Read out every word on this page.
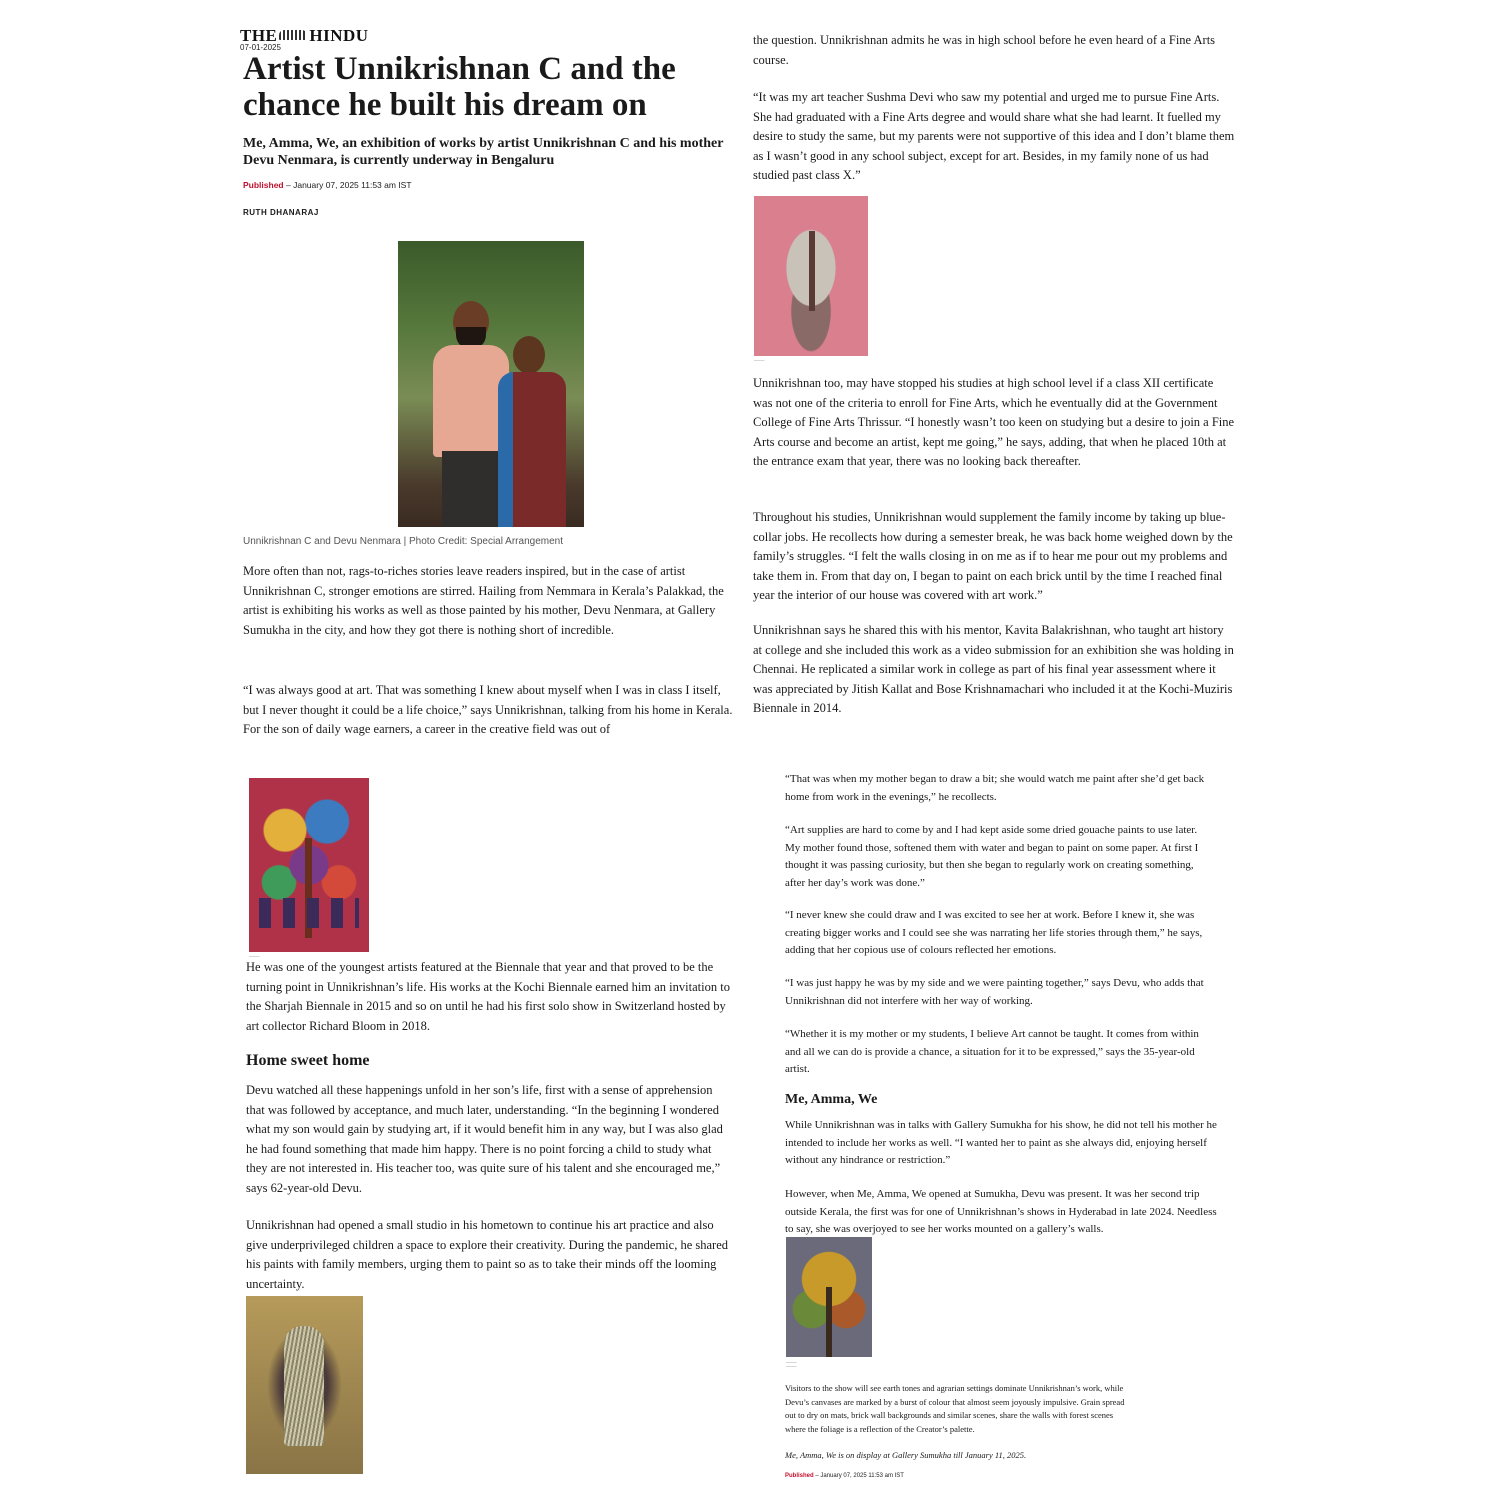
THE HINDU
07-01-2025
Artist Unnikrishnan C and the chance he built his dream on
Me, Amma, We, an exhibition of works by artist Unnikrishnan C and his mother Devu Nenmara, is currently underway in Bengaluru
Published – January 07, 2025 11:53 am IST
RUTH DHANARAJ
Unnikrishnan C and Devu Nenmara | Photo Credit: Special Arrangement
More often than not, rags-to-riches stories leave readers inspired, but in the case of artist Unnikrishnan C, stronger emotions are stirred. Hailing from Nemmara in Kerala’s Palakkad, the artist is exhibiting his works as well as those painted by his mother, Devu Nenmara, at Gallery Sumukha in the city, and how they got there is nothing short of incredible.
“I was always good at art. That was something I knew about myself when I was in class I itself, but I never thought it could be a life choice,” says Unnikrishnan, talking from his home in Kerala. For the son of daily wage earners, a career in the creative field was out of
the question. Unnikrishnan admits he was in high school before he even heard of a Fine Arts course.
“It was my art teacher Sushma Devi who saw my potential and urged me to pursue Fine Arts. She had graduated with a Fine Arts degree and would share what she had learnt. It fuelled my desire to study the same, but my parents were not supportive of this idea and I don’t blame them as I wasn’t good in any school subject, except for art. Besides, in my family none of us had studied past class X.”
———
Unnikrishnan too, may have stopped his studies at high school level if a class XII certificate was not one of the criteria to enroll for Fine Arts, which he eventually did at the Government College of Fine Arts Thrissur. “I honestly wasn’t too keen on studying but a desire to join a Fine Arts course and become an artist, kept me going,” he says, adding, that when he placed 10th at the entrance exam that year, there was no looking back thereafter.
Throughout his studies, Unnikrishnan would supplement the family income by taking up blue-collar jobs. He recollects how during a semester break, he was back home weighed down by the family’s struggles. “I felt the walls closing in on me as if to hear me pour out my problems and take them in. From that day on, I began to paint on each brick until by the time I reached final year the interior of our house was covered with art work.”
Unnikrishnan says he shared this with his mentor, Kavita Balakrishnan, who taught art history at college and she included this work as a video submission for an exhibition she was holding in Chennai. He replicated a similar work in college as part of his final year assessment where it was appreciated by Jitish Kallat and Bose Krishnamachari who included it at the Kochi-Muziris Biennale in 2014.
———
He was one of the youngest artists featured at the Biennale that year and that proved to be the turning point in Unnikrishnan’s life. His works at the Kochi Biennale earned him an invitation to the Sharjah Biennale in 2015 and so on until he had his first solo show in Switzerland hosted by art collector Richard Bloom in 2018.
Home sweet home
Devu watched all these happenings unfold in her son’s life, first with a sense of apprehension that was followed by acceptance, and much later, understanding. “In the beginning I wondered what my son would gain by studying art, if it would benefit him in any way, but I was also glad he had found something that made him happy. There is no point forcing a child to study what they are not interested in. His teacher too, was quite sure of his talent and she encouraged me,” says 62-year-old Devu.
Unnikrishnan had opened a small studio in his hometown to continue his art practice and also give underprivileged children a space to explore their creativity. During the pandemic, he shared his paints with family members, urging them to paint so as to take their minds off the looming uncertainty.
“That was when my mother began to draw a bit; she would watch me paint after she’d get back home from work in the evenings,” he recollects.
“Art supplies are hard to come by and I had kept aside some dried gouache paints to use later. My mother found those, softened them with water and began to paint on some paper. At first I thought it was passing curiosity, but then she began to regularly work on creating something, after her day’s work was done.”
“I never knew she could draw and I was excited to see her at work. Before I knew it, she was creating bigger works and I could see she was narrating her life stories through them,” he says, adding that her copious use of colours reflected her emotions.
“I was just happy he was by my side and we were painting together,” says Devu, who adds that Unnikrishnan did not interfere with her way of working.
“Whether it is my mother or my students, I believe Art cannot be taught. It comes from within and all we can do is provide a chance, a situation for it to be expressed,” says the 35-year-old artist.
Me, Amma, We
While Unnikrishnan was in talks with Gallery Sumukha for his show, he did not tell his mother he intended to include her works as well. “I wanted her to paint as she always did, enjoying herself without any hindrance or restriction.”
However, when Me, Amma, We opened at Sumukha, Devu was present. It was her second trip outside Kerala, the first was for one of Unnikrishnan’s shows in Hyderabad in late 2024. Needless to say, she was overjoyed to see her works mounted on a gallery’s walls.
———
———
Visitors to the show will see earth tones and agrarian settings dominate Unnikrishnan’s work, while Devu’s canvases are marked by a burst of colour that almost seem joyously impulsive. Grain spread out to dry on mats, brick wall backgrounds and similar scenes, share the walls with forest scenes where the foliage is a reflection of the Creator’s palette.
Me, Amma, We is on display at Gallery Sumukha till January 11, 2025.
Published – January 07, 2025 11:53 am IST
